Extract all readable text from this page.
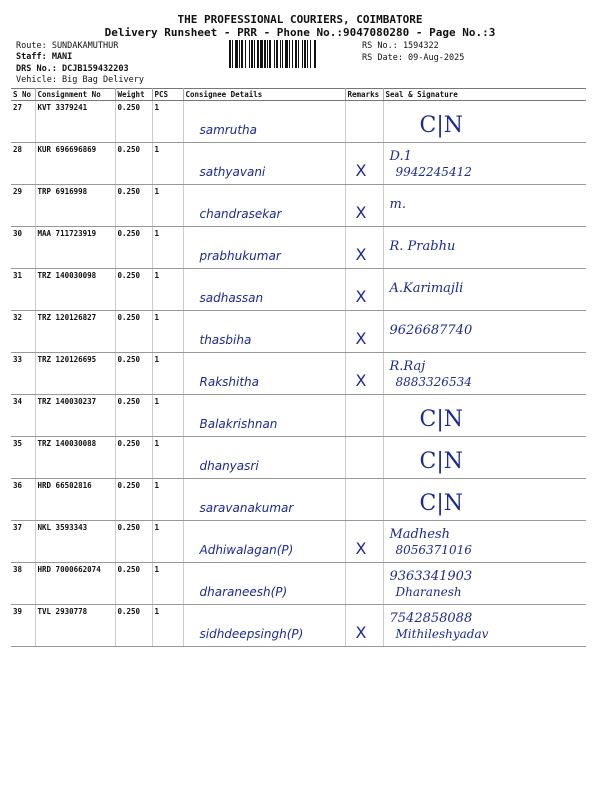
THE PROFESSIONAL COURIERS, COIMBATORE
Delivery Runsheet - PRR - Phone No.:9047080280 - Page No.:3
Route: SUNDAKAMUTHUR
Staff: MANI
DRS No.: DCJB159432203
Vehicle: Big Bag Delivery
RS No.: 1594322
RS Date: 09-Aug-2025
S No	Consignment No	Weight	PCS	Consignee Details	Remarks	Seal & Signature
27	KVT 3379241	0.250	1	samrutha		C|N

28	KUR 696696869	0.250	1	sathyavani	X	D.1
9942245412

29	TRP 6916998	0.250	1	chandrasekar	X	m.

30	MAA 711723919	0.250	1	prabhukumar	X	R. Prabhu

31	TRZ 140030098	0.250	1	sadhassan	X	A.Karimajli

32	TRZ 120126827	0.250	1	thasbiha	X	9626687740

33	TRZ 120126695	0.250	1	Rakshitha	X	R.Raj
8883326534

34	TRZ 140030237	0.250	1	Balakrishnan		C|N

35	TRZ 140030088	0.250	1	dhanyasri		C|N

36	HRD 66502816	0.250	1	saravanakumar		C|N

37	NKL 3593343	0.250	1	Adhiwalagan(P)	X	Madhesh
8056371016

38	HRD 7000662074	0.250	1	dharaneesh(P)		9363341903
Dharanesh

39	TVL 2930778	0.250	1	sidhdeepsingh(P)	X	7542858088
Mithileshyadav
